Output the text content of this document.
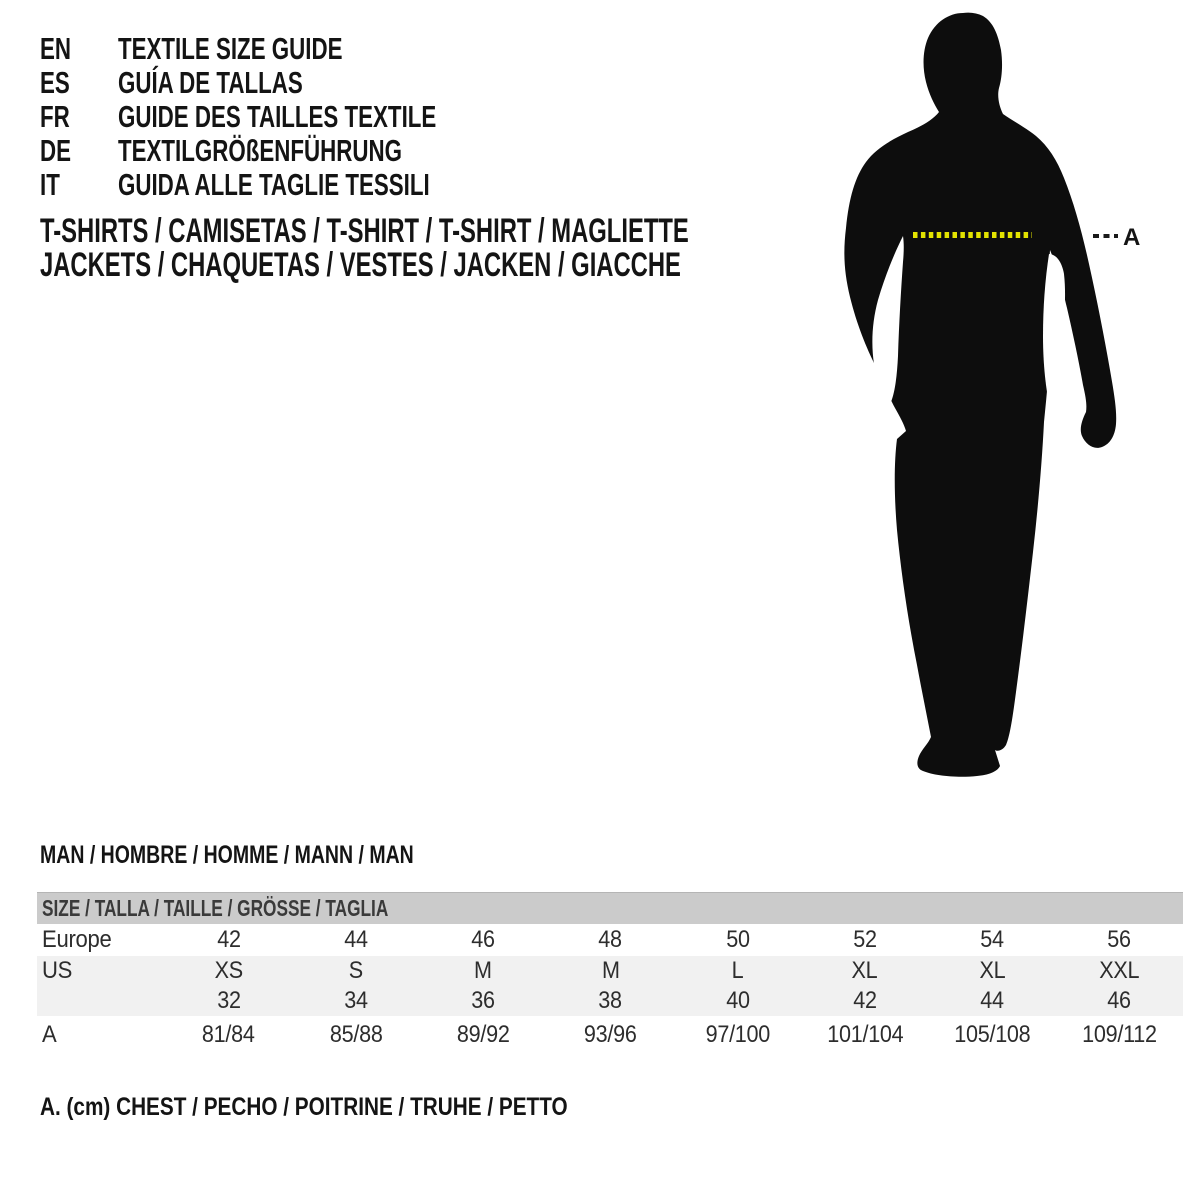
EN TEXTILE SIZE GUIDE
ES GUÍA DE TALLAS
FR GUIDE DES TAILLES TEXTILE
DE TEXTILGRÖßENFÜHRUNG
IT GUIDA ALLE TAGLIE TESSILI
T-SHIRTS / CAMISETAS / T-SHIRT / T-SHIRT / MAGLIETTE
JACKETS / CHAQUETAS / VESTES / JACKEN / GIACCHE
A
MAN / HOMBRE / HOMME / MANN / MAN
SIZE / TALLA / TAILLE / GRÖSSE / TAGLIA
Europe	42	44	46	48	50	52	54	56
US	XS	S	M	M	L	XL	XL	XXL
32	34	36	38	40	42	44	46
A	81/84	85/88	89/92	93/96	97/100	101/104	105/108	109/112
A. (cm) CHEST / PECHO / POITRINE / TRUHE / PETTO
